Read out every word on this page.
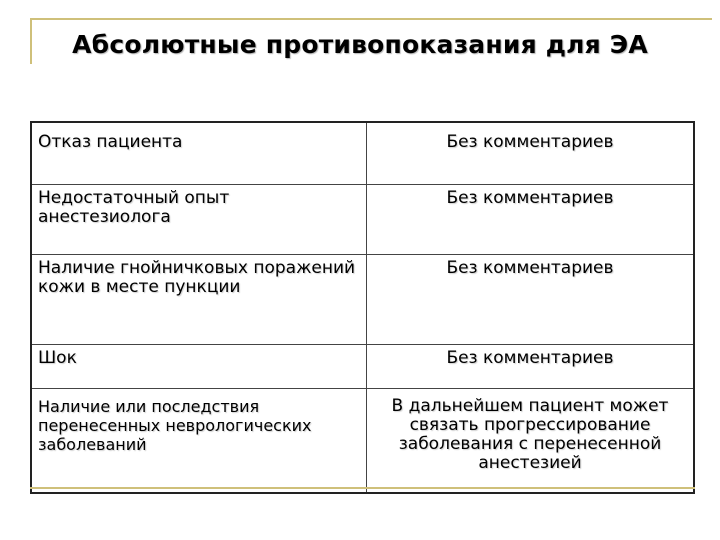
Абсолютные противопоказания для ЭА
Отказ пациента	Без комментариев
Недостаточный опыт анестезиолога	Без комментариев
Наличие гнойничковых поражений кожи в месте пункции	Без комментариев
Шок	Без комментариев
Наличие или последствия перенесенных неврологических заболеваний	В дальнейшем пациент может связать прогрессирование заболевания с перенесенной анестезией
